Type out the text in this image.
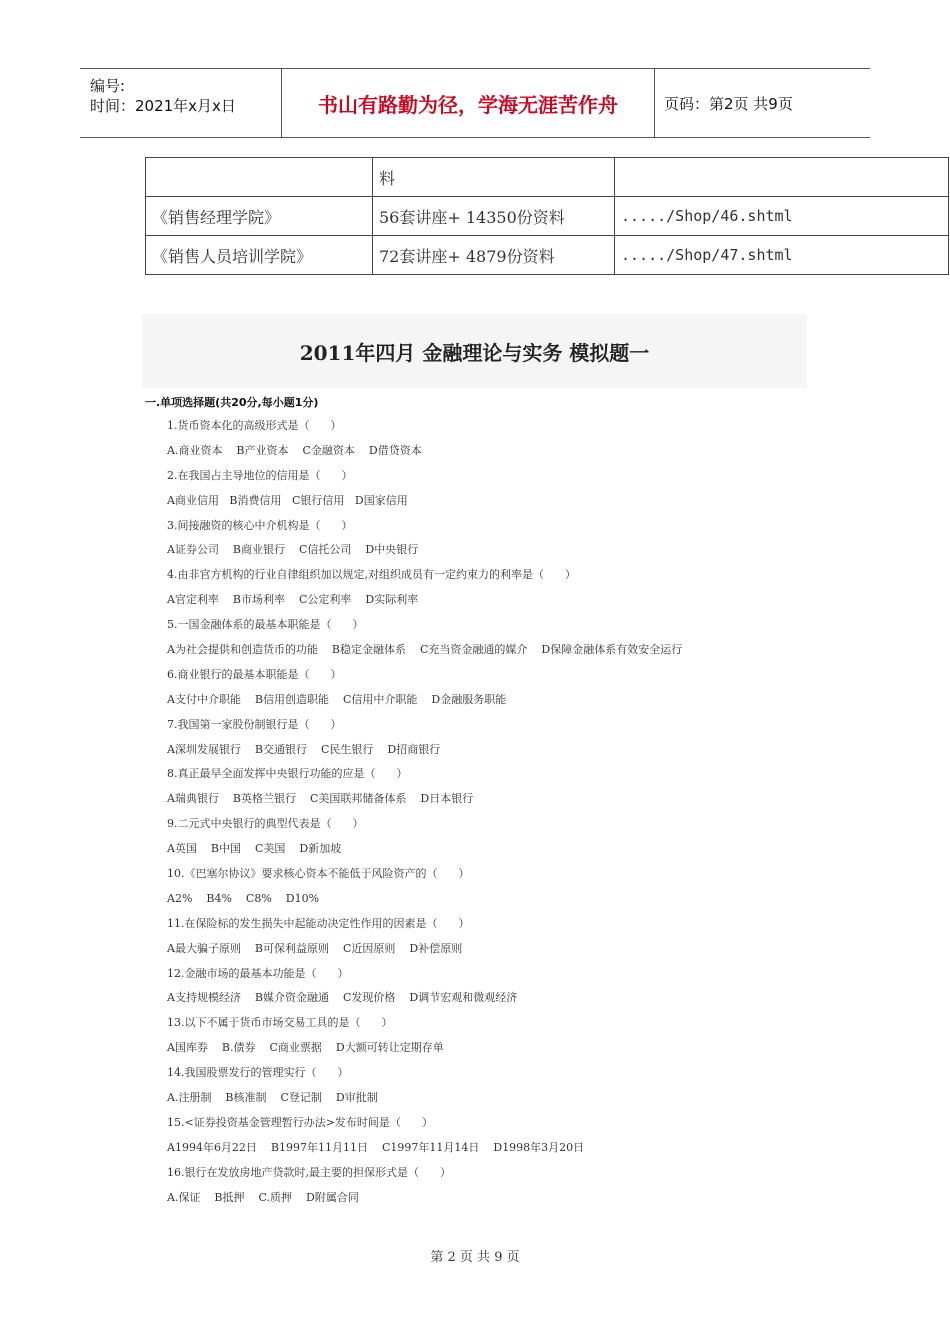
编号:
时间：2021年x月x日	书山有路勤为径，学海无涯苦作舟	页码：第2页 共9页
	料	
《销售经理学院》	56套讲座+ 14350份资料	...../Shop/46.shtml
《销售人员培训学院》	72套讲座+ 4879份资料	...../Shop/47.shtml
2011年四月 金融理论与实务 模拟题一
一.单项选择题(共20分,每小题1分)
1.货币资本化的高级形式是（      ）
A.商业资本    B产业资本    C金融资本    D借贷资本
2.在我国占主导地位的信用是（      ）
A商业信用   B消费信用   C银行信用   D国家信用
3.间接融资的核心中介机构是（      ）
A证券公司    B商业银行    C信托公司    D中央银行
4.由非官方机构的行业自律组织加以规定,对组织成员有一定约束力的利率是（      ）
A官定利率    B市场利率    C公定利率    D实际利率
5.一国金融体系的最基本职能是（      ）
A为社会提供和创造货币的功能    B稳定金融体系    C充当资金融通的媒介    D保障金融体系有效安全运行
6.商业银行的最基本职能是（      ）
A支付中介职能    B信用创造职能    C信用中介职能    D金融服务职能
7.我国第一家股份制银行是（      ）
A深圳发展银行    B交通银行    C民生银行    D招商银行
8.真正最早全面发挥中央银行功能的应是（      ）
A瑞典银行    B英格兰银行    C美国联邦储备体系    D日本银行
9.二元式中央银行的典型代表是（      ）
A英国    B中国    C美国    D新加坡
10.《巴塞尔协议》要求核心资本不能低于风险资产的（      ）
A2%    B4%    C8%    D10%
11.在保险标的发生损失中起能动决定性作用的因素是（      ）
A最大骗子原则    B可保利益原则    C近因原则    D补偿原则
12.金融市场的最基本功能是（      ）
A支持规模经济    B媒介资金融通    C发现价格    D调节宏观和微观经济
13.以下不属于货币市场交易工具的是（      ）
A国库券    B.债券    C商业票据    D大额可转让定期存单
14.我国股票发行的管理实行（      ）
A.注册制    B核准制    C登记制    D审批制
15.<证券投资基金管理暂行办法>发布时间是（      ）
A1994年6月22日    B1997年11月11日    C1997年11月14日    D1998年3月20日
16.银行在发放房地产贷款时,最主要的担保形式是（      ）
A.保证    B抵押    C.质押    D附属合同
第 2 页 共 9 页
